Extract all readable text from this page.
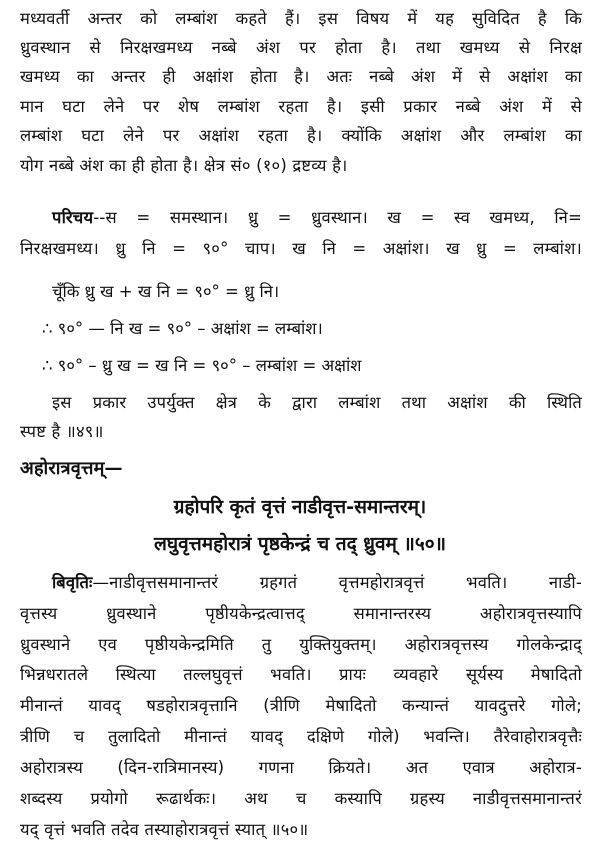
मध्यवर्ती अन्तर को लम्बांश कहते हैं। इस विषय में यह सुविदित है कि
ध्रुवस्थान से निरक्षखमध्य नब्बे अंश पर होता है। तथा खमध्य से निरक्ष
खमध्य का अन्तर ही अक्षांश होता है। अतः नब्बे अंश में से अक्षांश का
मान घटा लेने पर शेष लम्बांश रहता है। इसी प्रकार नब्बे अंश में से
लम्बांश घटा लेने पर अक्षांश रहता है। क्योंकि अक्षांश और लम्बांश का
योग नब्बे अंश का ही होता है। क्षेत्र सं० (१०) द्रष्टव्य है।
परिचय--स = समस्थान। ध्रु = ध्रुवस्थान। ख = स्व खमध्य, नि=
निरक्षखमध्य। ध्रु नि = ९०° चाप। ख नि = अक्षांश। ख ध्रु = लम्बांश।
चूँकि ध्रु ख + ख नि = ९०° = ध्रु नि।
∴ ९०° — नि ख = ९०° – अक्षांश = लम्बांश।
∴ ९०° – ध्रु ख = ख नि = ९०° – लम्बांश = अक्षांश
इस प्रकार उपर्युक्त क्षेत्र के द्वारा लम्बांश तथा अक्षांश की स्थिति
स्पष्ट है ॥४९॥
अहोरात्रवृत्तम्—
ग्रहोपरि कृतं वृत्तं नाडीवृत्त-समान्तरम्।
लघुवृत्तमहोरात्रं पृष्ठकेन्द्रं च तद् ध्रुवम् ॥५०॥
बिवृतिः—नाडीवृत्तसमानान्तरं ग्रहगतं वृत्तमहोरात्रवृत्तं भवति। नाडी-
वृत्तस्य ध्रुवस्थाने पृष्ठीयकेन्द्रत्वात्तद् समानान्तरस्य अहोरात्रवृत्तस्यापि
ध्रुवस्थाने एव पृष्ठीयकेन्द्रमिति तु युक्तियुक्तम्। अहोरात्रवृत्तस्य गोलकेन्द्राद्
भिन्नधरातले स्थित्या तल्लघुवृत्तं भवति। प्रायः व्यवहारे सूर्यस्य मेषादितो
मीनान्तं यावद् षडहोरात्रवृत्तानि (त्रीणि मेषादितो कन्यान्तं यावदुत्तरे गोले;
त्रीणि च तुलादितो मीनान्तं यावद् दक्षिणे गोले) भवन्ति। तैरेवाहोरात्रवृत्तैः
अहोरात्रस्य (दिन-रात्रिमानस्य) गणना क्रियते। अत एवात्र अहोरात्र-
शब्दस्य प्रयोगो रूढार्थकः। अथ च कस्यापि ग्रहस्य नाडीवृत्तसमानान्तरं
यद् वृत्तं भवति तदेव तस्याहोरात्रवृत्तं स्यात् ॥५०॥
